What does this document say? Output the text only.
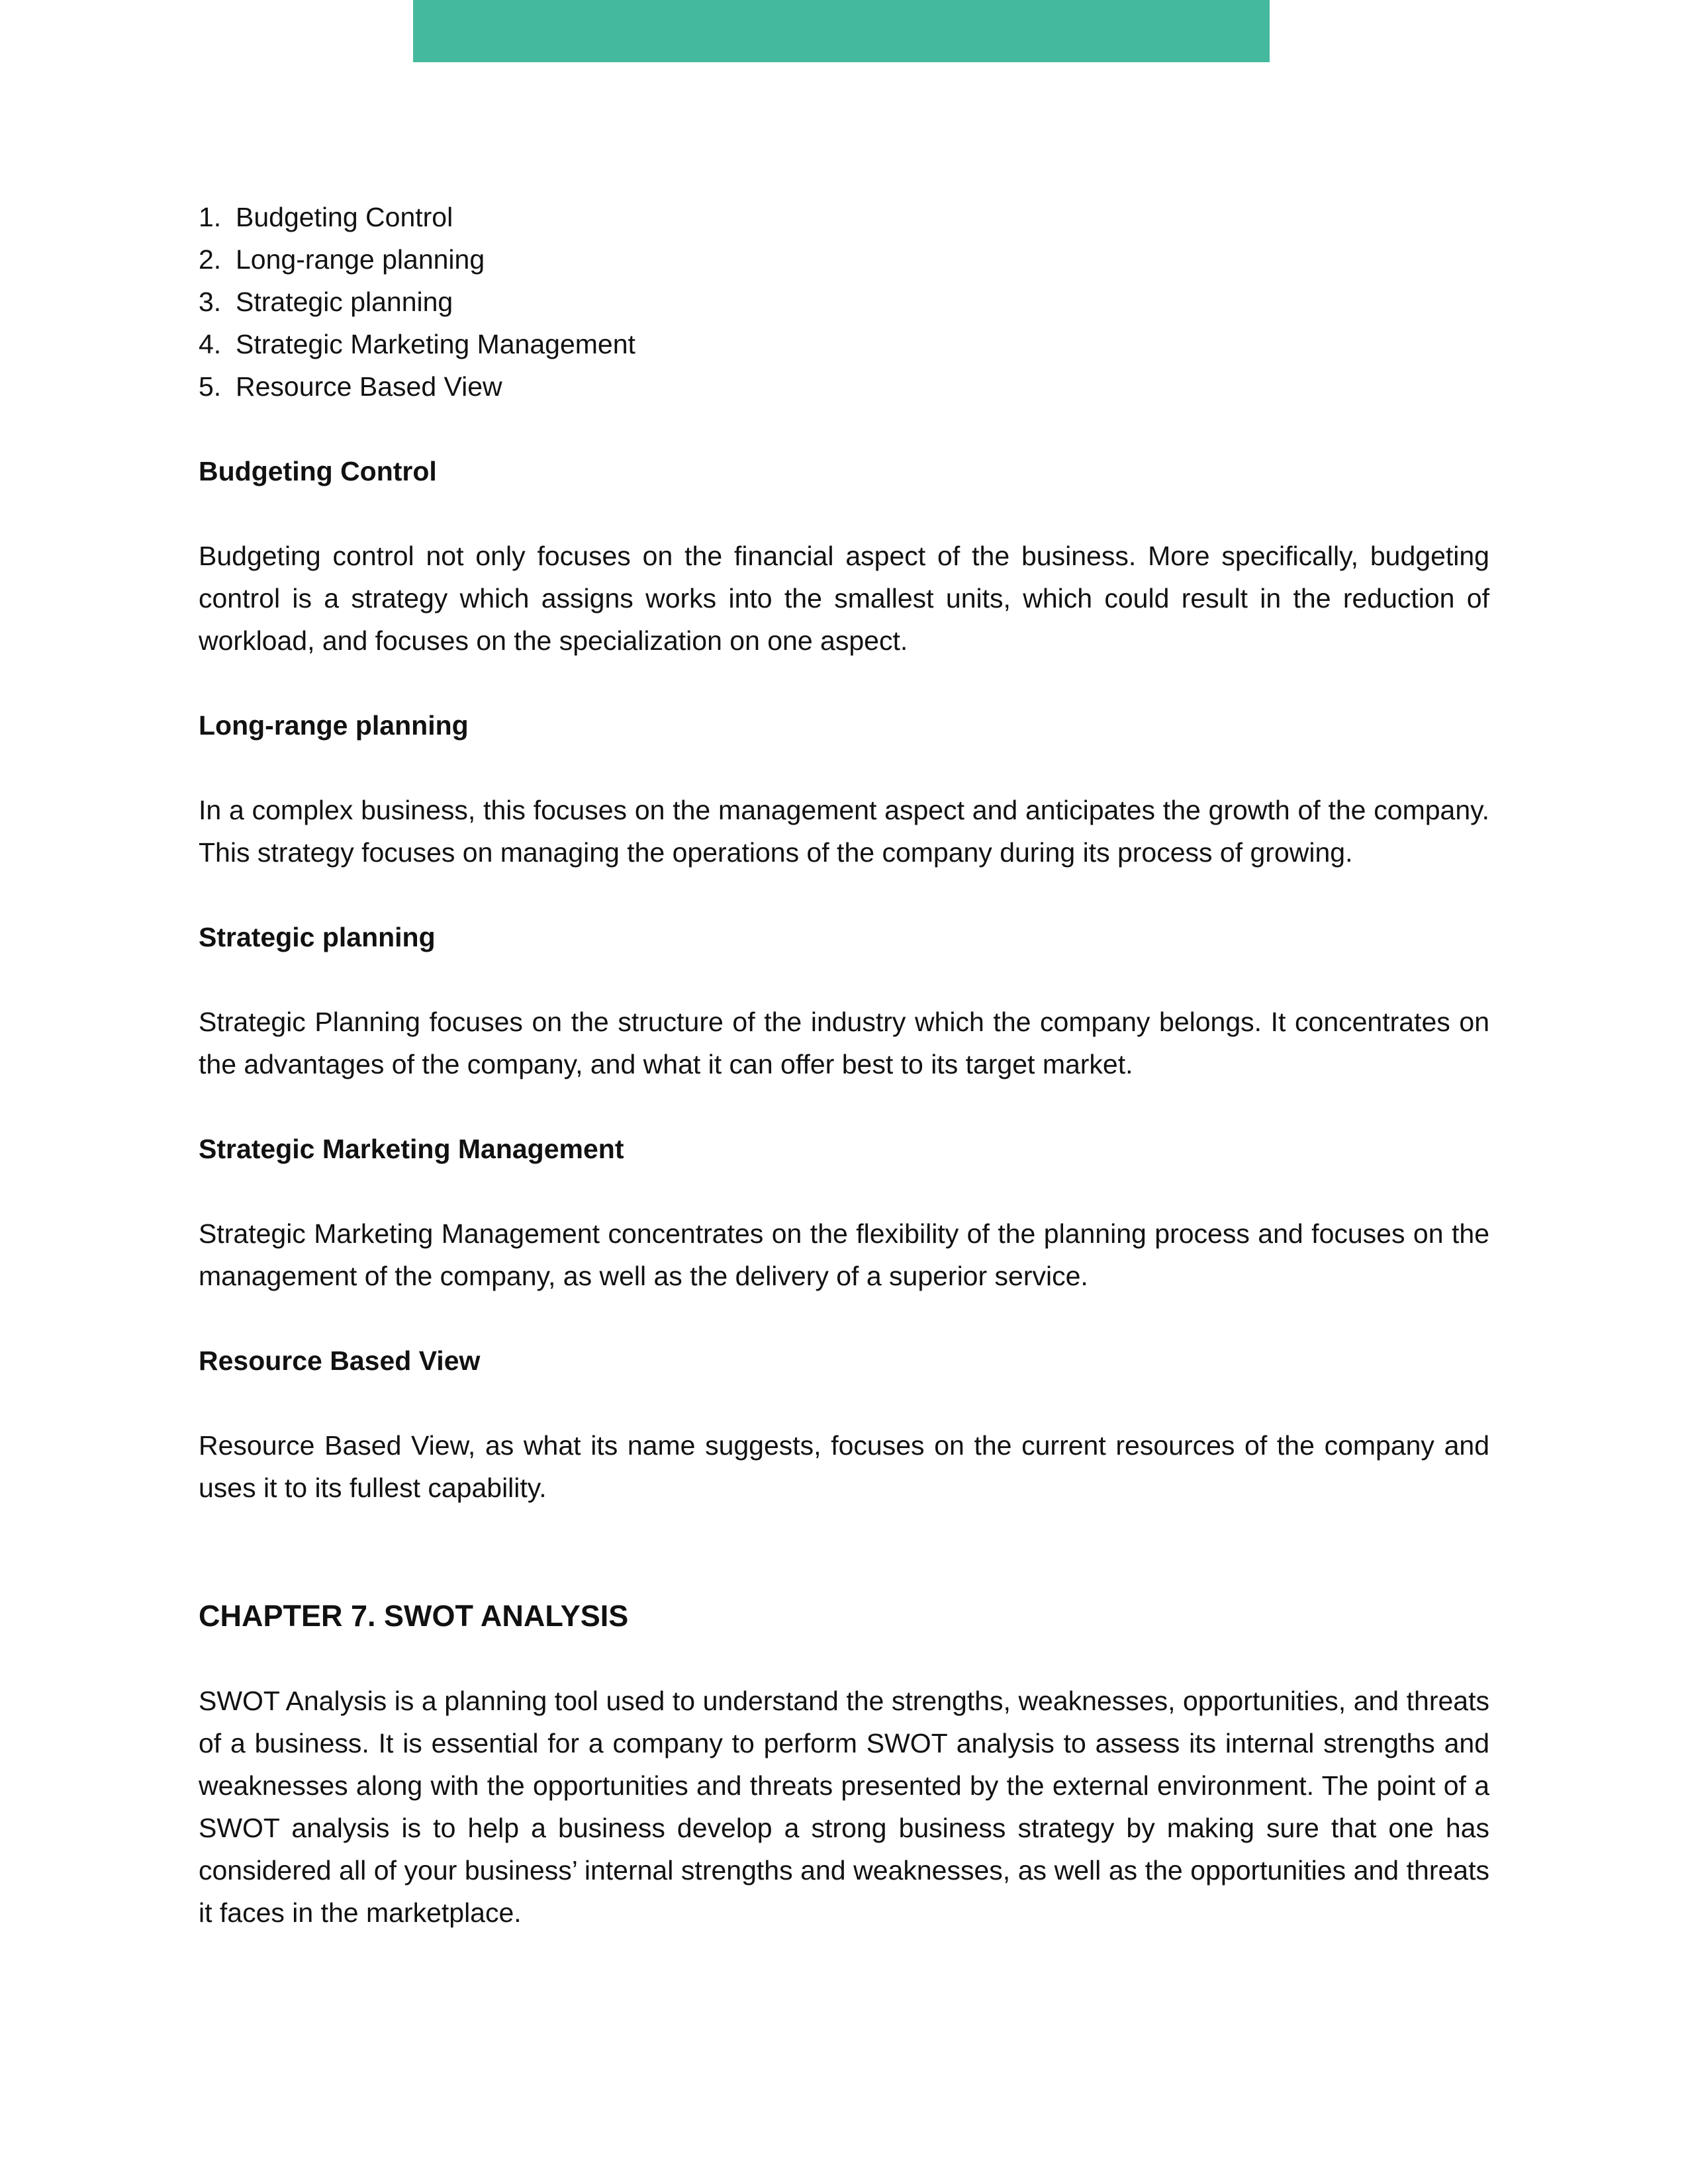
1. Budgeting Control
2. Long-range planning
3. Strategic planning
4. Strategic Marketing Management
5. Resource Based View
Budgeting Control

Budgeting control not only focuses on the financial aspect of the business. More specifically, budgeting control is a strategy which assigns works into the smallest units, which could result in the reduction of workload, and focuses on the specialization on one aspect.

Long-range planning

In a complex business, this focuses on the management aspect and anticipates the growth of the company. This strategy focuses on managing the operations of the company during its process of growing.

Strategic planning

Strategic Planning focuses on the structure of the industry which the company belongs. It concentrates on the advantages of the company, and what it can offer best to its target market.

Strategic Marketing Management

Strategic Marketing Management concentrates on the flexibility of the planning process and focuses on the management of the company, as well as the delivery of a superior service.

Resource Based View

Resource Based View, as what its name suggests, focuses on the current resources of the company and uses it to its fullest capability.

CHAPTER 7. SWOT ANALYSIS

SWOT Analysis is a planning tool used to understand the strengths, weaknesses, opportunities, and threats of a business. It is essential for a company to perform SWOT analysis to assess its internal strengths and weaknesses along with the opportunities and threats presented by the external environment. The point of a SWOT analysis is to help a business develop a strong business strategy by making sure that one has considered all of your business’ internal strengths and weaknesses, as well as the opportunities and threats it faces in the marketplace.
